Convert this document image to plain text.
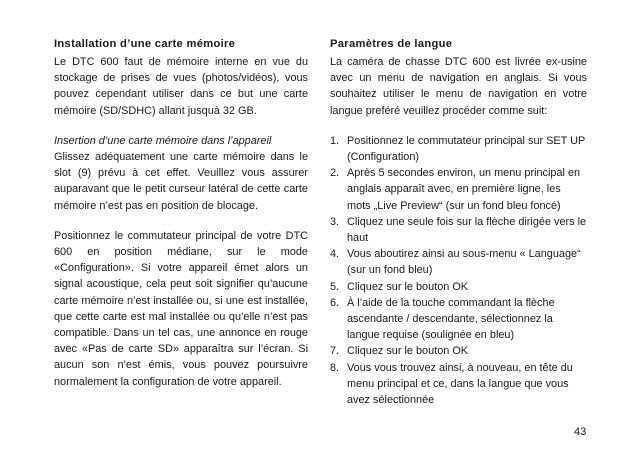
Installation d’une carte mémoire

Le DTC 600 faut de mémoire interne en vue du stockage de prises de vues (photos/vidéos), vous pouvez cependant utiliser dans ce but une carte mémoire (SD/SDHC) allant jusquà 32 GB.

Insertion d’une carte mémoire dans l’appareil
Glissez adéquatement une carte mémoire dans le slot (9) prévu à cet effet. Veuillez vous assurer auparavant que le petit curseur latéral de cette carte mémoire n’est pas en position de blocage.

Positionnez le commutateur principal de votre DTC 600 en position médiane, sur le mode «Configuration». Si votre appareil émet alors un signal acoustique, cela peut soit signifier qu’aucune carte mémoire n’est installée ou, si une est installée, que cette carte est mal installée ou qu’elle n’est pas compatible. Dans un tel cas, une annonce en rouge avec «Pas de carte SD» apparaîtra sur l’écran. Si aucun son n’est émis, vous pouvez poursuivre normalement la configuration de votre appareil.

Paramètres de langue

La caméra de chasse DTC 600 est livrée ex-usine avec un menu de navigation en anglais. Si vous souhaitez utiliser le menu de navigation en votre langue preféré veuillez procéder comme suit:

1. Positionnez le commutateur principal sur SET UP (Configuration)
2. Après 5 secondes environ, un menu principal en anglais apparaît avec, en première ligne, les mots „Live Preview“ (sur un fond bleu foncé)
3. Cliquez une seule fois sur la flèche dirigée vers le haut
4. Vous aboutirez ainsi au sous-menu « Language“ (sur un fond bleu)
5. Cliquez sur le bouton OK
6. À l’aide de la touche commandant la flèche ascendante / descendante, sélectionnez la langue requise (soulignée en bleu)
7. Cliquez sur le bouton OK
8. Vous vous trouvez ainsi, à nouveau, en tête du menu principal et ce, dans la langue que vous avez sélectionnée
43
